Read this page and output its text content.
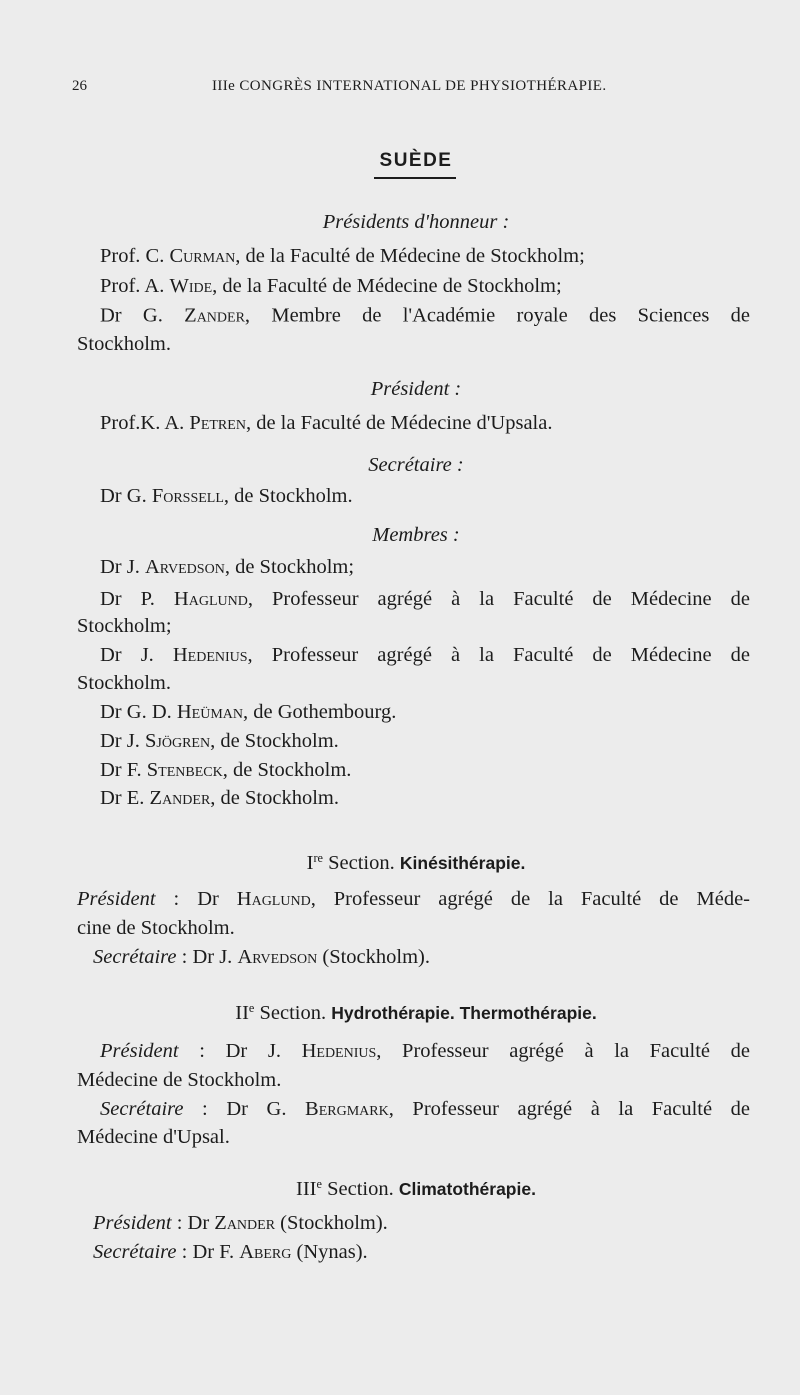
26	IIIe CONGRÈS INTERNATIONAL DE PHYSIOTHÉRAPIE.
SUÈDE
Présidents d'honneur :
Prof. C. Curman, de la Faculté de Médecine de Stockholm;
Prof. A. Wide, de la Faculté de Médecine de Stockholm;
Dr G. Zander, Membre de l'Académie royale des Sciences de
Stockholm.
Président :
Prof.K. A. Petren, de la Faculté de Médecine d'Upsala.
Secrétaire :
Dr G. Forssell, de Stockholm.
Membres :
Dr J. Arvedson, de Stockholm;
Dr P. Haglund, Professeur agrégé à la Faculté de Médecine de
Stockholm;
Dr J. Hedenius, Professeur agrégé à la Faculté de Médecine de
Stockholm.
Dr G. D. Heüman, de Gothembourg.
Dr J. Sjögren, de Stockholm.
Dr F. Stenbeck, de Stockholm.
Dr E. Zander, de Stockholm.
Ire Section. Kinésithérapie.
Président : Dr Haglund, Professeur agrégé de la Faculté de Méde-
cine de Stockholm.
Secrétaire : Dr J. Arvedson (Stockholm).
IIe Section. Hydrothérapie. Thermothérapie.
Président : Dr J. Hedenius, Professeur agrégé à la Faculté de
Médecine de Stockholm.
Secrétaire : Dr G. Bergmark, Professeur agrégé à la Faculté de
Médecine d'Upsal.
IIIe Section. Climatothérapie.
Président : Dr Zander (Stockholm).
Secrétaire : Dr F. Aberg (Nynas).
